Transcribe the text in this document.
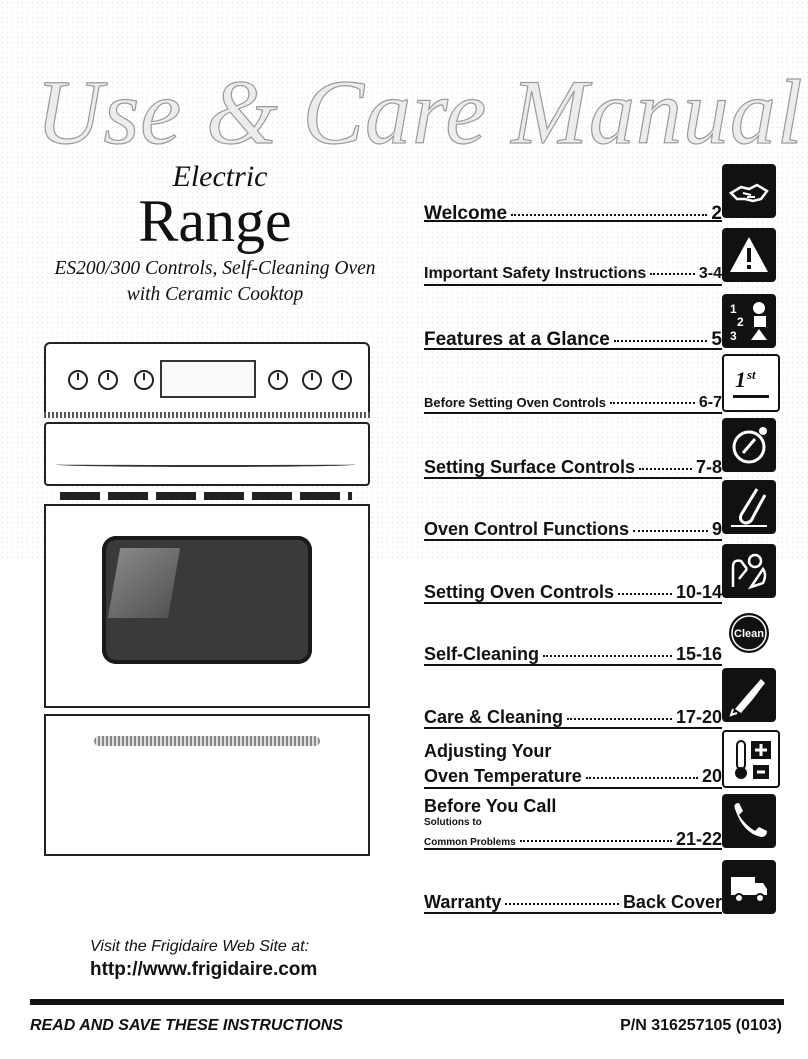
Use & Care Manual
Electric
Range
ES200/300 Controls, Self-Cleaning Oven
with Ceramic Cooktop
Welcome	2
Important Safety Instructions	3-4
Features at a Glance	5
1
2
3
Before Setting Oven Controls	6-7
1 st
Setting Surface Controls	7-8
Oven Control Functions	9
Setting Oven Controls	10-14
Self-Cleaning	15-16
Clean
Care & Cleaning	17-20
Adjusting Your
Oven Temperature	20
Before You Call
Solutions to
Common Problems	21-22
Warranty	Back Cover
Visit the Frigidaire Web Site at:
http://www.frigidaire.com
READ AND SAVE THESE INSTRUCTIONS	P/N 316257105 (0103)
